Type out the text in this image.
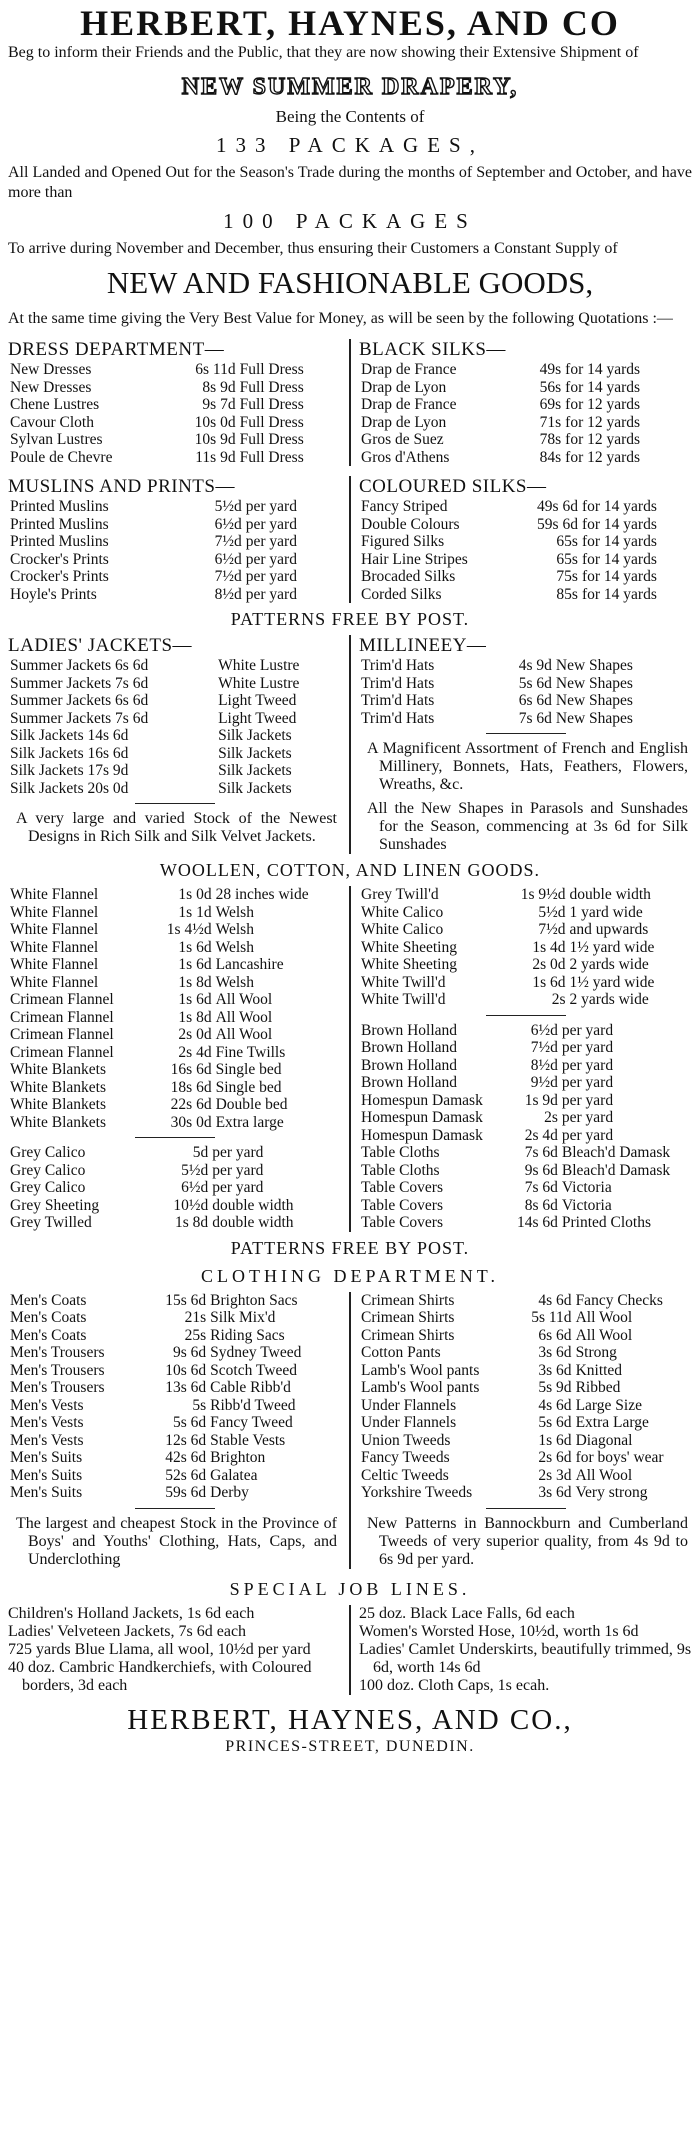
HERBERT, HAYNES, AND CO

Beg to inform their Friends and the Public, that they are now showing their Extensive Shipment of

NEW SUMMER DRAPERY,
Being the Contents of
133 PACKAGES,

All Landed and Opened Out for the Season's Trade during the months of September and October, and have more than

100 PACKAGES

To arrive during November and December, thus ensuring their Customers a Constant Supply of

NEW AND FASHIONABLE GOODS,

At the same time giving the Very Best Value for Money, as will be seen by the following Quotations :—

DRESS DEPARTMENT—
New Dresses	6s 11d	Full Dress
New Dresses	8s 9d	Full Dress
Chene Lustres	9s 7d	Full Dress
Cavour Cloth	10s 0d	Full Dress
Sylvan Lustres	10s 9d	Full Dress
Poule de Chevre	11s 9d	Full Dress
BLACK SILKS—
Drap de France	49s	for 14 yards
Drap de Lyon	56s	for 14 yards
Drap de France	69s	for 12 yards
Drap de Lyon	71s	for 12 yards
Gros de Suez	78s	for 12 yards
Gros d'Athens	84s	for 12 yards
MUSLINS AND PRINTS—
Printed Muslins	5½d	per yard
Printed Muslins	6½d	per yard
Printed Muslins	7½d	per yard
Crocker's Prints	6½d	per yard
Crocker's Prints	7½d	per yard
Hoyle's Prints	8½d	per yard
COLOURED SILKS—
Fancy Striped	49s 6d	for 14 yards
Double Colours	59s 6d	for 14 yards
Figured Silks	65s	for 14 yards
Hair Line Stripes	65s	for 14 yards
Brocaded Silks	75s	for 14 yards
Corded Silks	85s	for 14 yards
PATTERNS FREE BY POST.
LADIES' JACKETS—
Summer Jackets 6s 6d	White Lustre
Summer Jackets 7s 6d	White Lustre
Summer Jackets 6s 6d	Light Tweed
Summer Jackets 7s 6d	Light Tweed
Silk Jackets 14s 6d	Silk Jackets
Silk Jackets 16s 6d	Silk Jackets
Silk Jackets 17s 9d	Silk Jackets
Silk Jackets 20s 0d	Silk Jackets
A very large and varied Stock of the Newest Designs in Rich Silk and Silk Velvet Jackets.
MILLINEEY—
Trim'd Hats	4s 9d	New Shapes
Trim'd Hats	5s 6d	New Shapes
Trim'd Hats	6s 6d	New Shapes
Trim'd Hats	7s 6d	New Shapes
A Magnificent Assortment of French and English Millinery, Bonnets, Hats, Feathers, Flowers, Wreaths, &c.
All the New Shapes in Parasols and Sunshades for the Season, commencing at 3s 6d for Silk Sunshades
WOOLLEN, COTTON, AND LINEN GOODS.
White Flannel	1s 0d	28 inches wide
White Flannel	1s 1d	Welsh
White Flannel	1s 4½d	Welsh
White Flannel	1s 6d	Welsh
White Flannel	1s 6d	Lancashire
White Flannel	1s 8d	Welsh
Crimean Flannel	1s 6d	All Wool
Crimean Flannel	1s 8d	All Wool
Crimean Flannel	2s 0d	All Wool
Crimean Flannel	2s 4d	Fine Twills
White Blankets	16s 6d	Single bed
White Blankets	18s 6d	Single bed
White Blankets	22s 6d	Double bed
White Blankets	30s 0d	Extra large
Grey Calico	5d	per yard
Grey Calico	5½d	per yard
Grey Calico	6½d	per yard
Grey Sheeting	10½d	double width
Grey Twilled	1s 8d	double width
Grey Twill'd	1s 9½d	double width
White Calico	5½d	1 yard wide
White Calico	7½d	and upwards
White Sheeting	1s 4d	1½ yard wide
White Sheeting	2s 0d	2 yards wide
White Twill'd	1s 6d	1½ yard wide
White Twill'd	2s	2 yards wide
Brown Holland	6½d	per yard
Brown Holland	7½d	per yard
Brown Holland	8½d	per yard
Brown Holland	9½d	per yard
Homespun Damask	1s 9d	per yard
Homespun Damask	2s	per yard
Homespun Damask	2s 4d	per yard
Table Cloths	7s 6d	Bleach'd Damask
Table Cloths	9s 6d	Bleach'd Damask
Table Covers	7s 6d	Victoria
Table Covers	8s 6d	Victoria
Table Covers	14s 6d	Printed Cloths
PATTERNS FREE BY POST.
CLOTHING DEPARTMENT.
Men's Coats	15s 6d	Brighton Sacs
Men's Coats	21s	Silk Mix'd
Men's Coats	25s	Riding Sacs
Men's Trousers	9s 6d	Sydney Tweed
Men's Trousers	10s 6d	Scotch Tweed
Men's Trousers	13s 6d	Cable Ribb'd
Men's Vests	5s	Ribb'd Tweed
Men's Vests	5s 6d	Fancy Tweed
Men's Vests	12s 6d	Stable Vests
Men's Suits	42s 6d	Brighton
Men's Suits	52s 6d	Galatea
Men's Suits	59s 6d	Derby
The largest and cheapest Stock in the Province of Boys' and Youths' Clothing, Hats, Caps, and Underclothing
Crimean Shirts	4s 6d	Fancy Checks
Crimean Shirts	5s 11d	All Wool
Crimean Shirts	6s 6d	All Wool
Cotton Pants	3s 6d	Strong
Lamb's Wool pants	3s 6d	Knitted
Lamb's Wool pants	5s 9d	Ribbed
Under Flannels	4s 6d	Large Size
Under Flannels	5s 6d	Extra Large
Union Tweeds	1s 6d	Diagonal
Fancy Tweeds	2s 6d	for boys' wear
Celtic Tweeds	2s 3d	All Wool
Yorkshire Tweeds	3s 6d	Very strong
New Patterns in Bannockburn and Cumberland Tweeds of very superior quality, from 4s 9d to 6s 9d per yard.
SPECIAL JOB LINES.
Children's Holland Jackets, 1s 6d each
Ladies' Velveteen Jackets, 7s 6d each
725 yards Blue Llama, all wool, 10½d per yard
40 doz. Cambric Handkerchiefs, with Coloured borders, 3d each
25 doz. Black Lace Falls, 6d each
Women's Worsted Hose, 10½d, worth 1s 6d
Ladies' Camlet Underskirts, beautifully trimmed, 9s 6d, worth 14s 6d
100 doz. Cloth Caps, 1s ecah.
HERBERT, HAYNES, AND CO.,
PRINCES-STREET, DUNEDIN.
